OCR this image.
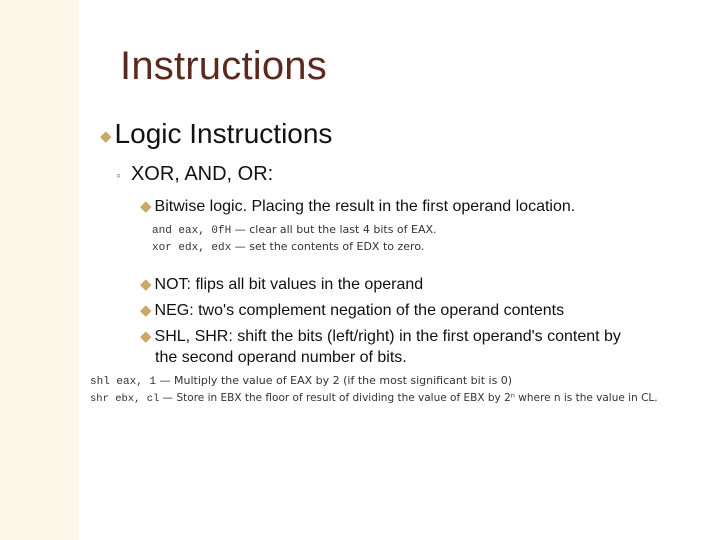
Instructions
◆ Logic Instructions
◦ XOR, AND, OR:
◆ Bitwise logic. Placing the result in the first operand location.
and eax, 0fH — clear all but the last 4 bits of EAX.
xor edx, edx — set the contents of EDX to zero.
◆ NOT: flips all bit values in the operand
◆ NEG: two's complement negation of the operand contents
◆ SHL, SHR: shift the bits (left/right) in the first operand's content by
the second operand number of bits.
shl eax, 1 — Multiply the value of EAX by 2 (if the most significant bit is 0)
shr ebx, cl — Store in EBX the floor of result of dividing the value of EBX by 2ⁿ where n is the value in CL.
